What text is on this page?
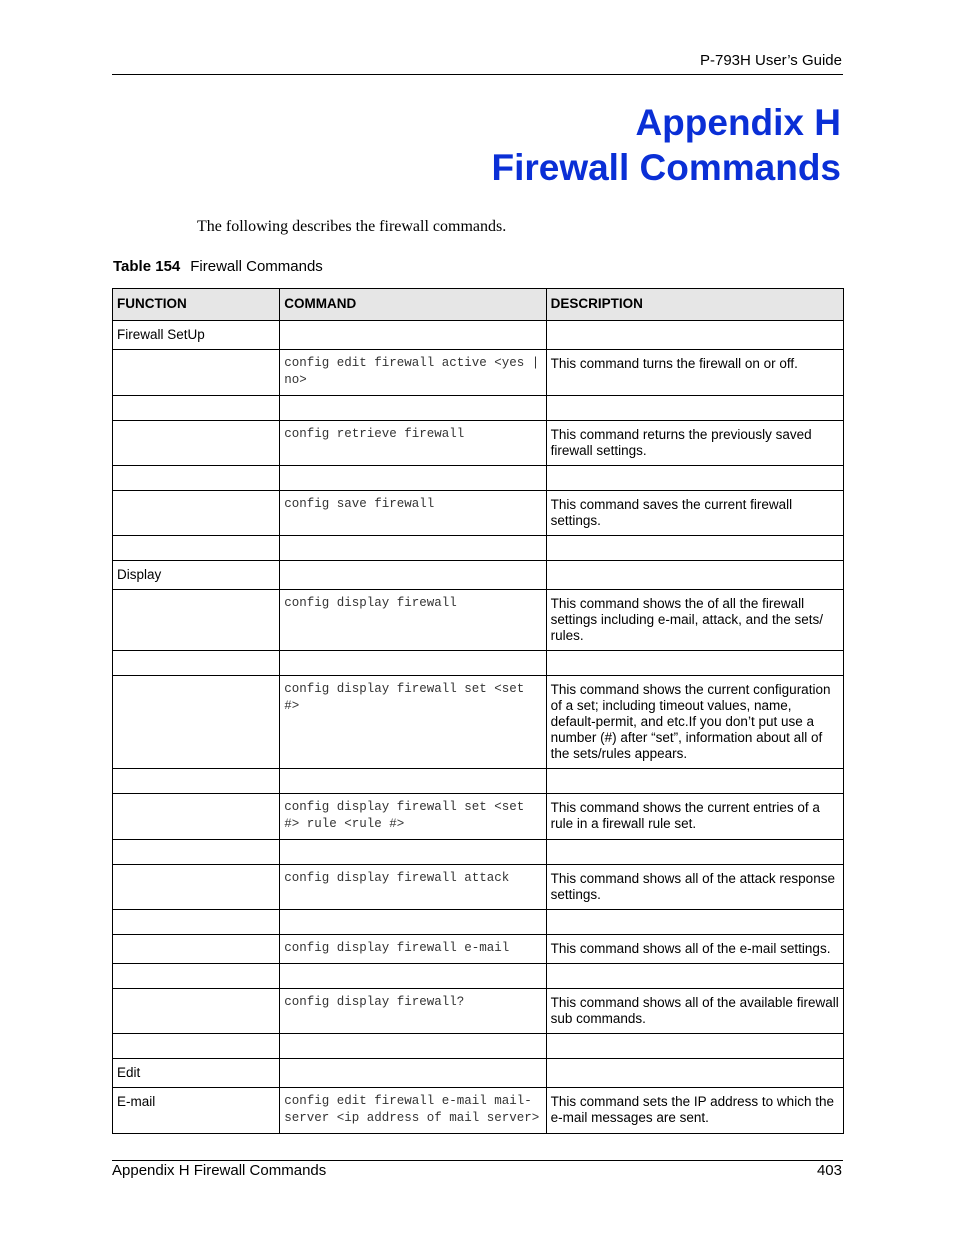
P-793H User’s Guide
Appendix H
Firewall Commands
The following describes the firewall commands.
Table 154 Firewall Commands
FUNCTION	COMMAND	DESCRIPTION
Firewall SetUp		
	config edit firewall active <yes | no>	This command turns the firewall on or off.

	config retrieve firewall	This command returns the previously saved firewall settings.

	config save firewall	This command saves the current firewall settings.

Display		
	config display firewall	This command shows the of all the firewall settings including e-mail, attack, and the sets/ rules.

	config display firewall set <set #>	This command shows the current configuration of a set; including timeout values, name, default-permit, and etc.If you don’t put use a number (#) after “set”, information about all of the sets/rules appears.

	config display firewall set <set #> rule <rule #>	This command shows the current entries of a rule in a firewall rule set.

	config display firewall attack	This command shows all of the attack response settings.

	config display firewall e-mail	This command shows all of the e-mail settings.

	config display firewall?	This command shows all of the available firewall sub commands.

Edit		
E-mail	config edit firewall e-mail mail-server <ip address of mail server>	This command sets the IP address to which the e-mail messages are sent.
Appendix H Firewall Commands	403
